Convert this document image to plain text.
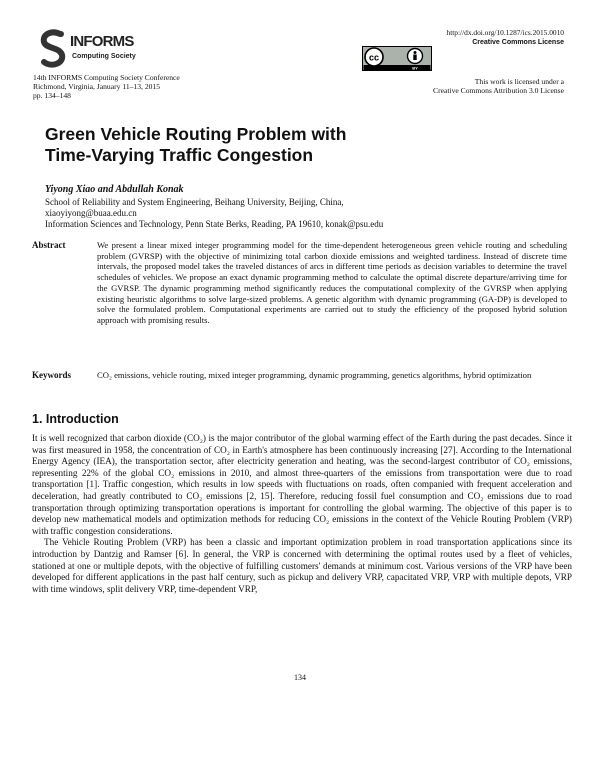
INFORMS
Computing Society
14th INFORMS Computing Society Conference
Richmond, Virginia, January 11–13, 2015
pp. 134–148
http://dx.doi.org/10.1287/ics.2015.0010
Creative Commons License
cc
BY
This work is licensed under a
Creative Commons Attribution 3.0 License
Green Vehicle Routing Problem with
Time-Varying Traffic Congestion
Yiyong Xiao and Abdullah Konak
School of Reliability and System Engineering, Beihang University, Beijing, China,
xiaoyiyong@buaa.edu.cn
Information Sciences and Technology, Penn State Berks, Reading, PA 19610, konak@psu.edu
Abstract	We present a linear mixed integer programming model for the time-dependent heterogeneous green vehicle routing and scheduling problem (GVRSP) with the objective of minimizing total carbon dioxide emissions and weighted tardiness. Instead of discrete time intervals, the proposed model takes the traveled distances of arcs in different time periods as decision variables to determine the travel schedules of vehicles. We propose an exact dynamic programming method to calculate the optimal discrete departure/arriving time for the GVRSP. The dynamic programming method significantly reduces the computational complexity of the GVRSP when applying existing heuristic algorithms to solve large-sized problems. A genetic algorithm with dynamic programming (GA-DP) is developed to solve the formulated problem. Computational experiments are carried out to study the efficiency of the proposed hybrid solution approach with promising results.
Keywords	CO₂ emissions, vehicle routing, mixed integer programming, dynamic programming, genetics algorithms, hybrid optimization
1. Introduction

It is well recognized that carbon dioxide (CO₂) is the major contributor of the global warming effect of the Earth during the past decades. Since it was first measured in 1958, the concentration of CO₂ in Earth's atmosphere has been continuously increasing [27]. According to the International Energy Agency (IEA), the transportation sector, after electricity generation and heating, was the second-largest contributor of CO₂ emissions, representing 22% of the global CO₂ emissions in 2010, and almost three-quarters of the emissions from transportation were due to road transportation [1]. Traffic congestion, which results in low speeds with fluctuations on roads, often companied with frequent acceleration and deceleration, had greatly contributed to CO₂ emissions [2, 15]. Therefore, reducing fossil fuel consumption and CO₂ emissions due to road transportation through optimizing transportation operations is important for controlling the global warming. The objective of this paper is to develop new mathematical models and optimization methods for reducing CO₂ emissions in the context of the Vehicle Routing Problem (VRP) with traffic congestion considerations.

The Vehicle Routing Problem (VRP) has been a classic and important optimization problem in road transportation applications since its introduction by Dantzig and Ramser [6]. In general, the VRP is concerned with determining the optimal routes used by a fleet of vehicles, stationed at one or multiple depots, with the objective of fulfilling customers' demands at minimum cost. Various versions of the VRP have been developed for different applications in the past half century, such as pickup and delivery VRP, capacitated VRP, VRP with multiple depots, VRP with time windows, split delivery VRP, time-dependent VRP,

134
